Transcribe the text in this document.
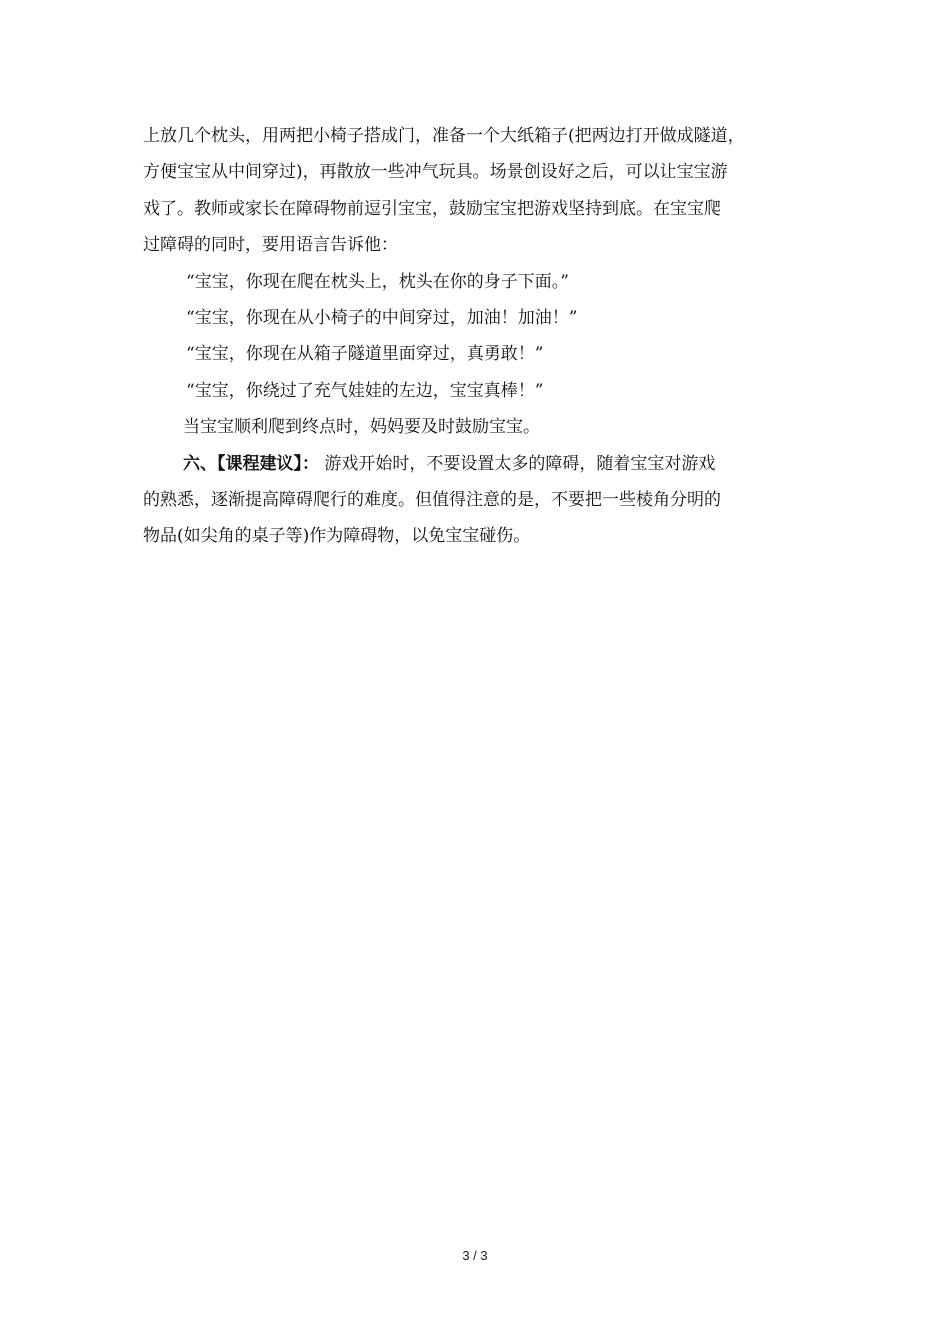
上放几个枕头，用两把小椅子搭成门，准备一个大纸箱子(把两边打开做成隧道，
方便宝宝从中间穿过)，再散放一些冲气玩具。场景创设好之后，可以让宝宝游
戏了。教师或家长在障碍物前逗引宝宝，鼓励宝宝把游戏坚持到底。在宝宝爬
过障碍的同时，要用语言告诉他：
“宝宝，你现在爬在枕头上，枕头在你的身子下面。”
“宝宝，你现在从小椅子的中间穿过，加油！加油！”
“宝宝，你现在从箱子隧道里面穿过，真勇敢！”
“宝宝，你绕过了充气娃娃的左边，宝宝真棒！”
当宝宝顺利爬到终点时，妈妈要及时鼓励宝宝。
六、【课程建议】： 游戏开始时，不要设置太多的障碍，随着宝宝对游戏
的熟悉，逐渐提高障碍爬行的难度。但值得注意的是，不要把一些棱角分明的
物品(如尖角的桌子等)作为障碍物，以免宝宝碰伤。
3 / 3
